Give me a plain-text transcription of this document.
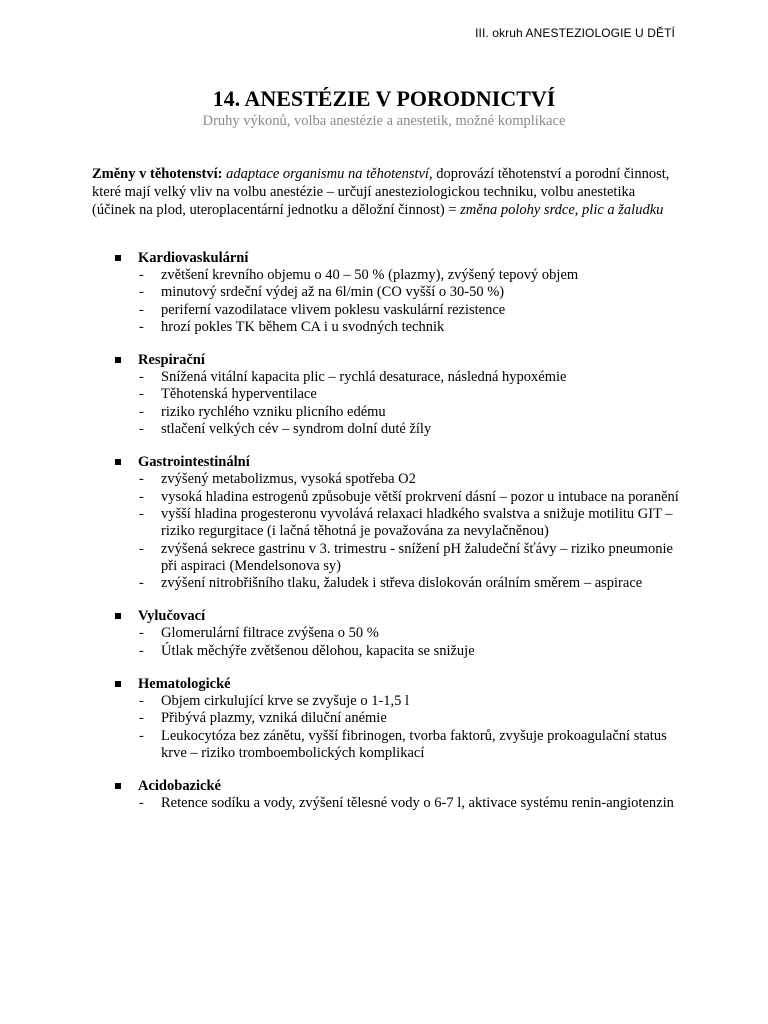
III. okruh ANESTEZIOLOGIE U DĚTÍ
14. ANESTÉZIE V PORODNICTVÍ
Druhy výkonů, volba anestézie a anestetik, možné komplikace
Změny v těhotenství: adaptace organismu na těhotenství, doprovází těhotenství a porodní činnost, které mají velký vliv na volbu anestézie – určují anesteziologickou techniku, volbu anestetika (účinek na plod, uteroplacentární jednotku a děložní činnost) = změna polohy srdce, plic a žaludku
Kardiovaskulární
- zvětšení krevního objemu o 40 – 50 % (plazmy), zvýšený tepový objem
- minutový srdeční výdej až na 6l/min (CO vyšší o 30-50 %)
- periferní vazodilatace vlivem poklesu vaskulární rezistence
- hrozí pokles TK během CA i u svodných technik
Respirační
- Snížená vitální kapacita plic – rychlá desaturace, následná hypoxémie
- Těhotenská hyperventilace
- riziko rychlého vzniku plicního edému
- stlačení velkých cév – syndrom dolní duté žíly
Gastrointestinální
- zvýšený metabolizmus, vysoká spotřeba O2
- vysoká hladina estrogenů způsobuje větší prokrvení dásní – pozor u intubace na poranění
- vyšší hladina progesteronu vyvolává relaxaci hladkého svalstva a snižuje motilitu GIT – riziko regurgitace (i lačná těhotná je považována za nevylačněnou)
- zvýšená sekrece gastrinu v 3. trimestru - snížení pH žaludeční šťávy – riziko pneumonie při aspiraci (Mendelsonova sy)
- zvýšení nitrobřišního tlaku, žaludek i střeva dislokován orálním směrem – aspirace
Vylučovací
- Glomerulární filtrace zvýšena o 50 %
- Útlak měchýře zvětšenou dělohou, kapacita se snižuje
Hematologické
- Objem cirkulující krve se zvyšuje o 1-1,5 l
- Přibývá plazmy, vzniká diluční anémie
- Leukocytóza bez zánětu, vyšší fibrinogen, tvorba faktorů, zvyšuje prokoagulační status krve – riziko tromboembolických komplikací
Acidobazické
- Retence sodíku a vody, zvýšení tělesné vody o 6-7 l, aktivace systému renin-angiotenzin
